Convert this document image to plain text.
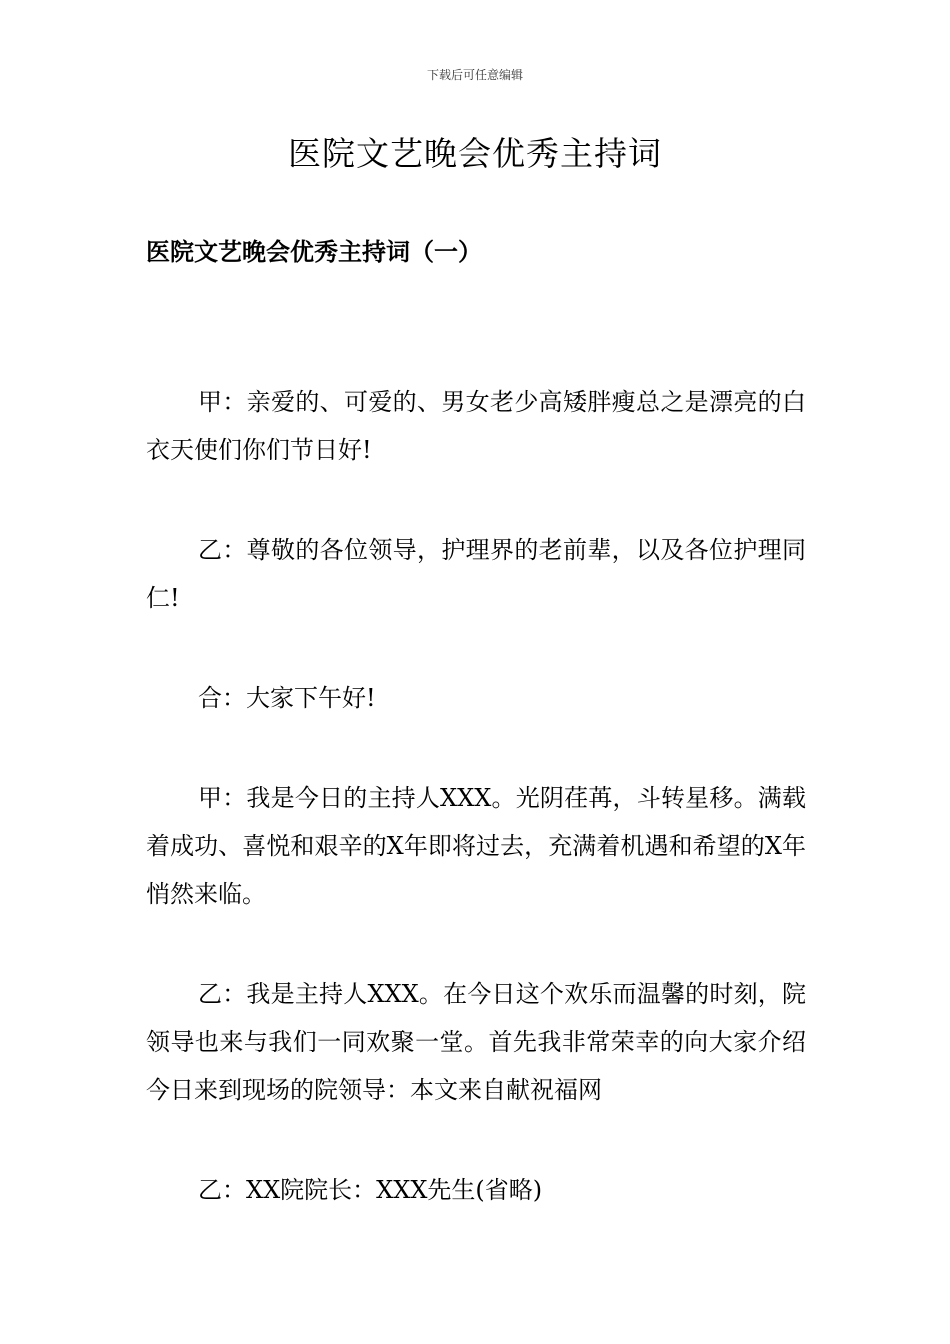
下载后可任意编辑
医院文艺晚会优秀主持词
医院文艺晚会优秀主持词（一）

甲：亲爱的、可爱的、男女老少高矮胖瘦总之是漂亮的白衣天使们你们节日好!

乙：尊敬的各位领导，护理界的老前辈，以及各位护理同仁!

合：大家下午好!

甲：我是今日的主持人XXX。光阴荏苒，斗转星移。满载着成功、喜悦和艰辛的X年即将过去，充满着机遇和希望的X年悄然来临。

乙：我是主持人XXX。在今日这个欢乐而温馨的时刻，院领导也来与我们一同欢聚一堂。首先我非常荣幸的向大家介绍今日来到现场的院领导：本文来自献祝福网

乙：XX院院长：XXX先生(省略)
